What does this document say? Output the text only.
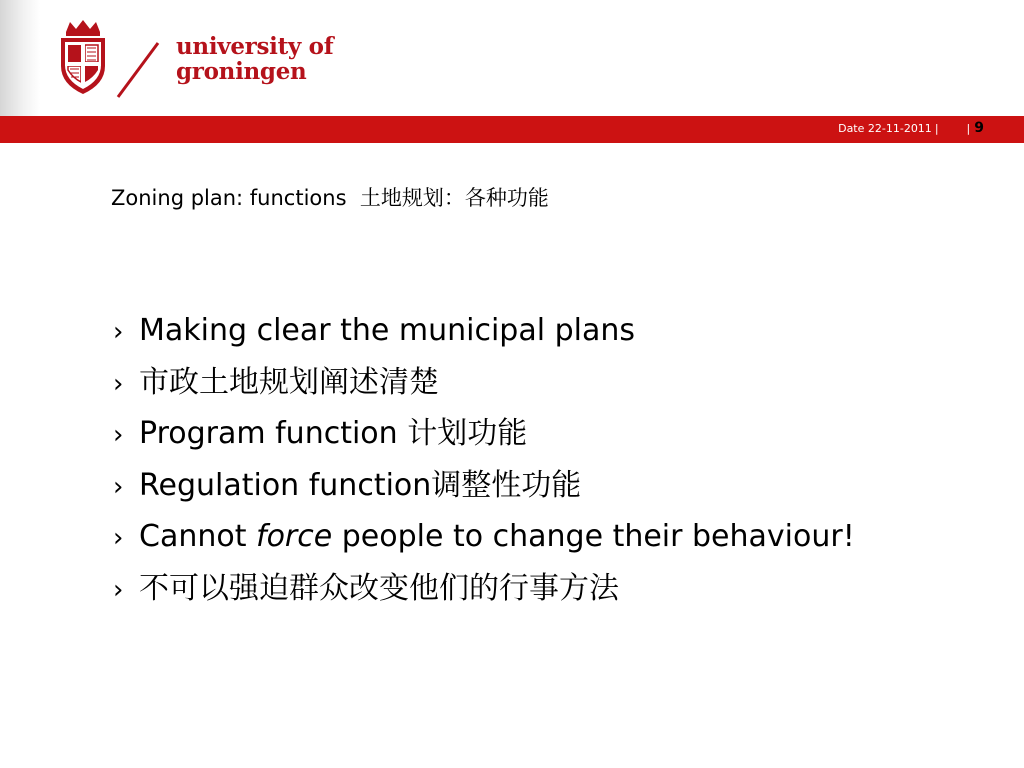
university of
groningen
Date 22-11-2011 |	| 9
Zoning plan: functions  土地规划：各种功能
› Making clear the municipal plans
› 市政土地规划阐述清楚
› Program function 计划功能
› Regulation function调整性功能
› Cannot force people to change their behaviour!
› 不可以强迫群众改变他们的行事方法
